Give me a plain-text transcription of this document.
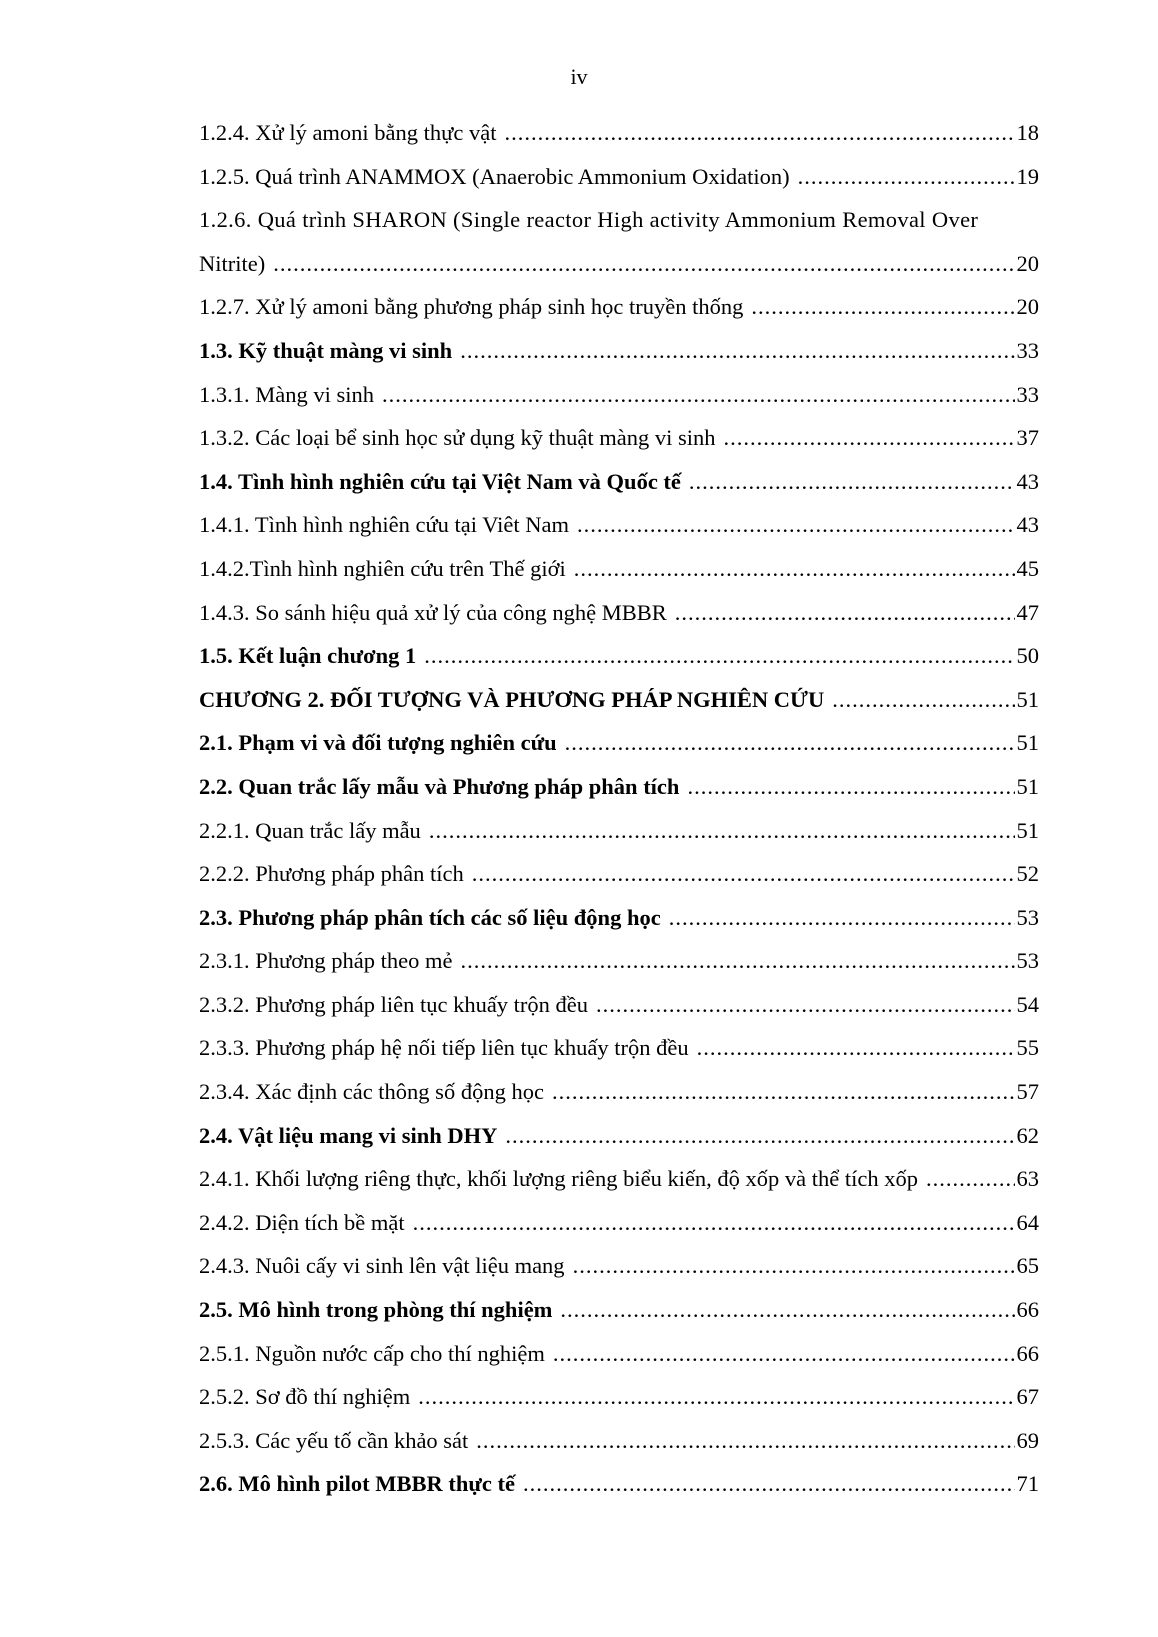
iv
1.2.4. Xử lý amoni bằng thực vật .....	18
1.2.5. Quá trình ANAMMOX (Anaerobic Ammonium Oxidation) .....	19
1.2.6. Quá trình SHARON (Single reactor High activity Ammonium Removal Over
Nitrite) .....	20
1.2.7. Xử lý amoni bằng phương pháp sinh học truyền thống .....	20
1.3. Kỹ thuật màng vi sinh .....	33
1.3.1. Màng vi sinh .....	33
1.3.2. Các loại bể sinh học sử dụng kỹ thuật màng vi sinh .....	37
1.4. Tình hình nghiên cứu tại Việt Nam và Quốc tế .....	43
1.4.1. Tình hình nghiên cứu tại Viêt Nam .....	43
1.4.2.Tình hình nghiên cứu trên Thế giới .....	45
1.4.3. So sánh hiệu quả xử lý của công nghệ MBBR .....	47
1.5. Kết luận chương 1 .....	50
CHƯƠNG 2. ĐỐI TƯỢNG VÀ PHƯƠNG PHÁP NGHIÊN CỨU .....	51
2.1. Phạm vi và đối tượng nghiên cứu .....	51
2.2. Quan trắc lấy mẫu và Phương pháp phân tích .....	51
2.2.1. Quan trắc lấy mẫu .....	51
2.2.2. Phương pháp phân tích .....	52
2.3. Phương pháp phân tích các số liệu động học .....	53
2.3.1. Phương pháp theo mẻ .....	53
2.3.2. Phương pháp liên tục khuấy trộn đều .....	54
2.3.3. Phương pháp hệ nối tiếp liên tục khuấy trộn đều .....	55
2.3.4. Xác định các thông số động học .....	57
2.4. Vật liệu mang vi sinh DHY .....	62
2.4.1. Khối lượng riêng thực, khối lượng riêng biểu kiến, độ xốp và thể tích xốp .....	63
2.4.2. Diện tích bề mặt .....	64
2.4.3. Nuôi cấy vi sinh lên vật liệu mang .....	65
2.5. Mô hình trong phòng thí nghiệm .....	66
2.5.1. Nguồn nước cấp cho thí nghiệm .....	66
2.5.2. Sơ đồ thí nghiệm .....	67
2.5.3. Các yếu tố cần khảo sát .....	69
2.6. Mô hình pilot MBBR thực tế .....	71
